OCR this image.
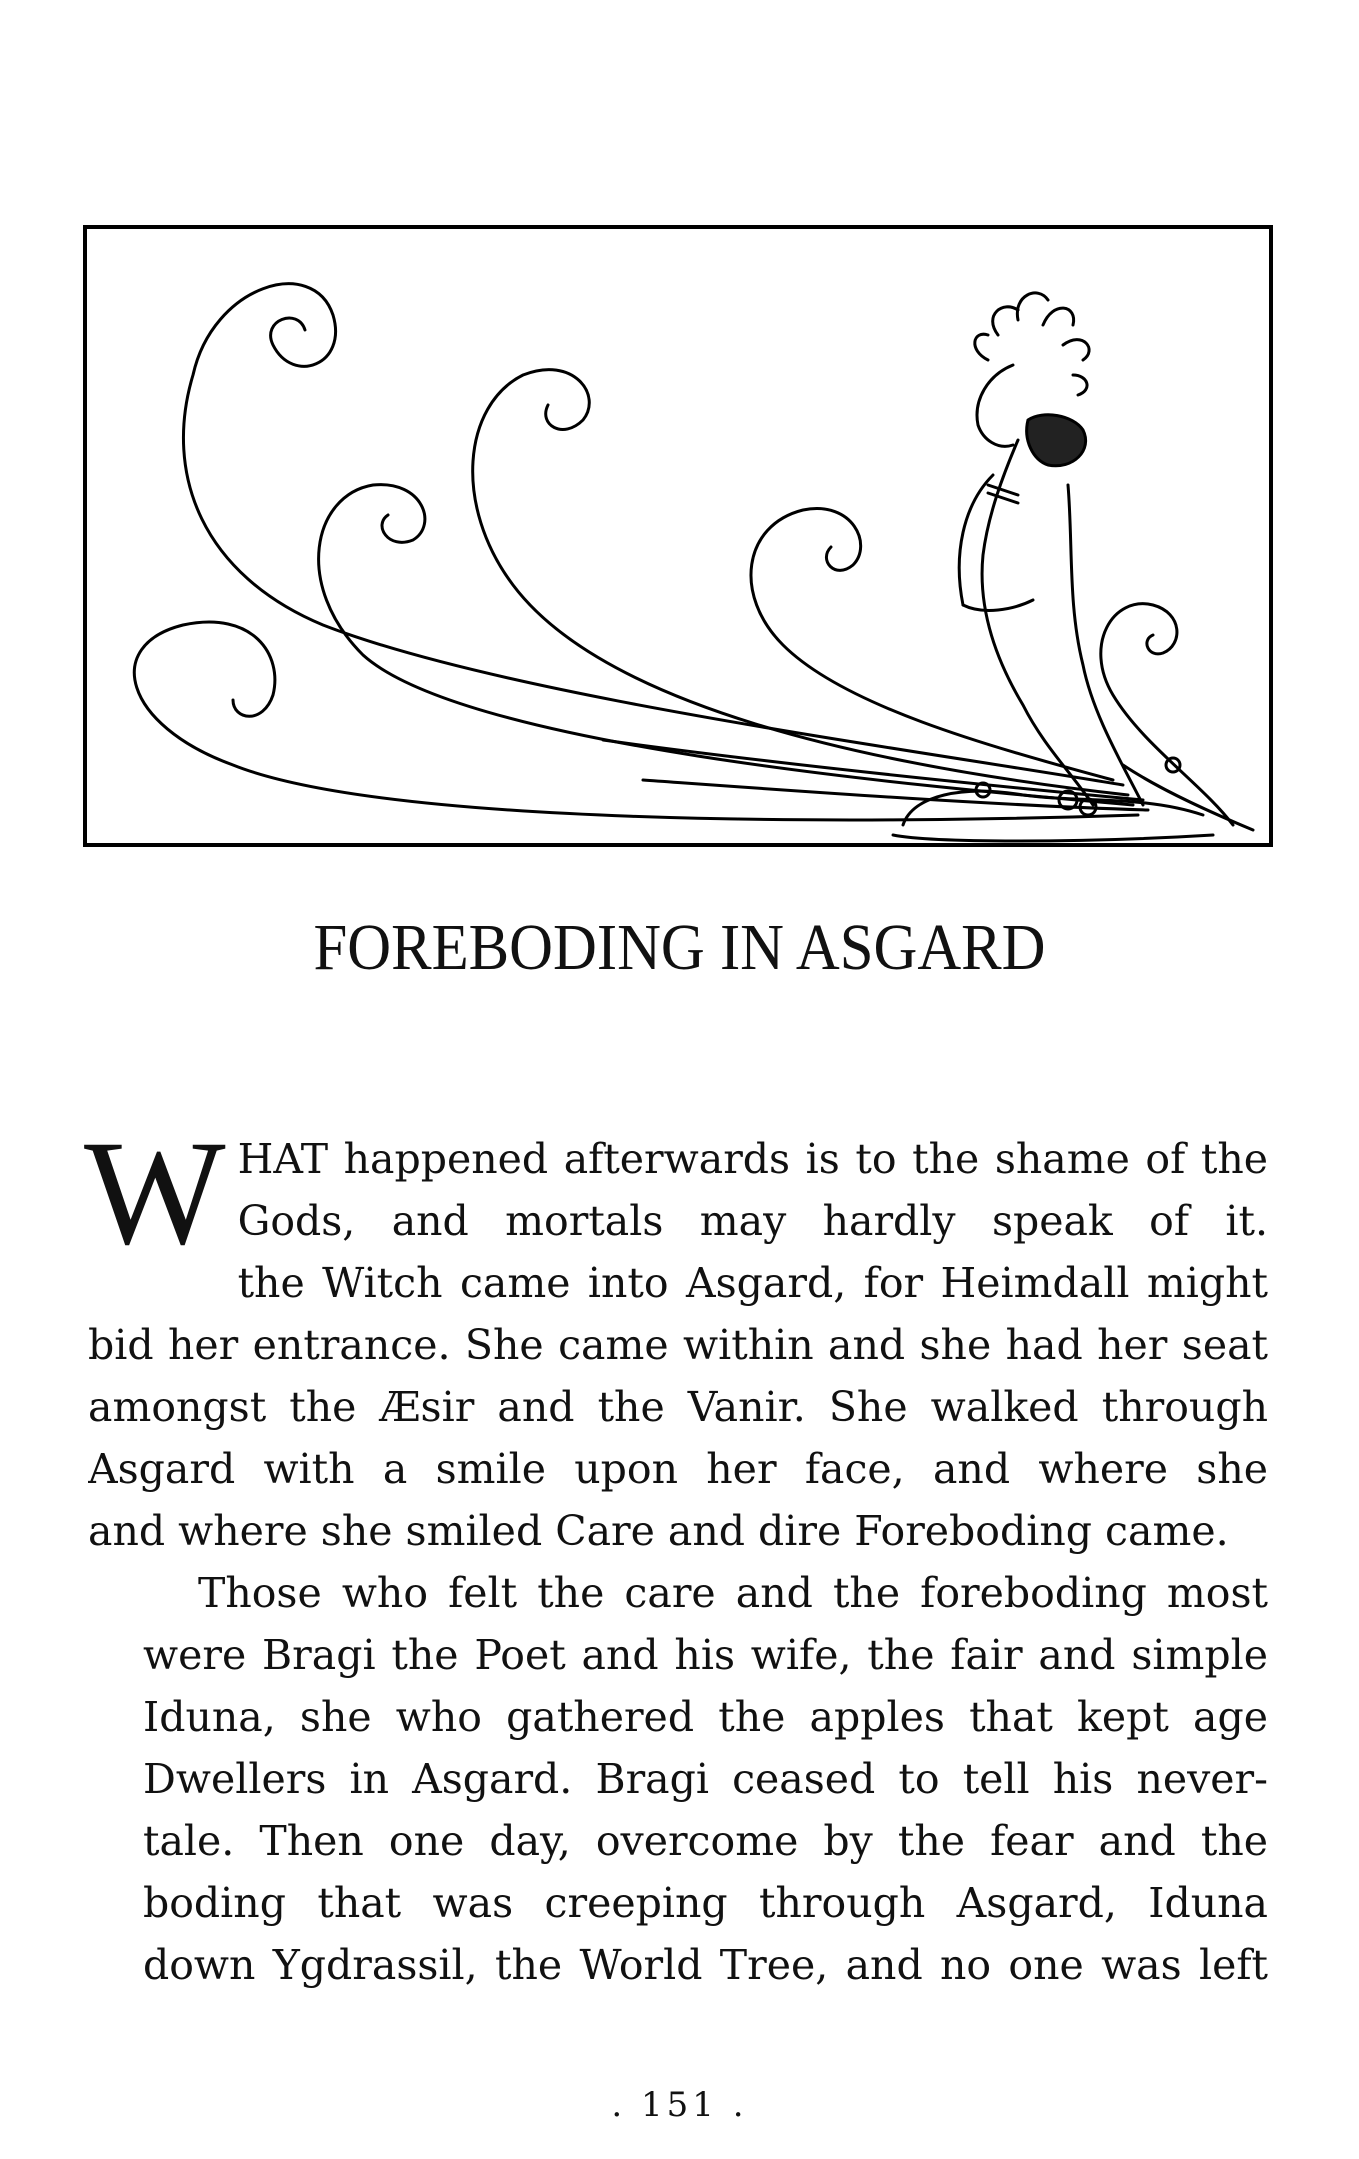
FOREBODING IN ASGARD
W HAT happened afterwards is to the shame of the
Gods, and mortals may hardly speak of it.
the Witch came into Asgard, for Heimdall might
bid her entrance. She came within and she had her seat
amongst the Æsir and the Vanir. She walked through
Asgard with a smile upon her face, and where she
and where she smiled Care and dire Foreboding came.
Those who felt the care and the foreboding most
were Bragi the Poet and his wife, the fair and simple
Iduna, she who gathered the apples that kept age
Dwellers in Asgard. Bragi ceased to tell his never-
tale. Then one day, overcome by the fear and the
boding that was creeping through Asgard, Iduna
down Ygdrassil, the World Tree, and no one was left
. 151 .
